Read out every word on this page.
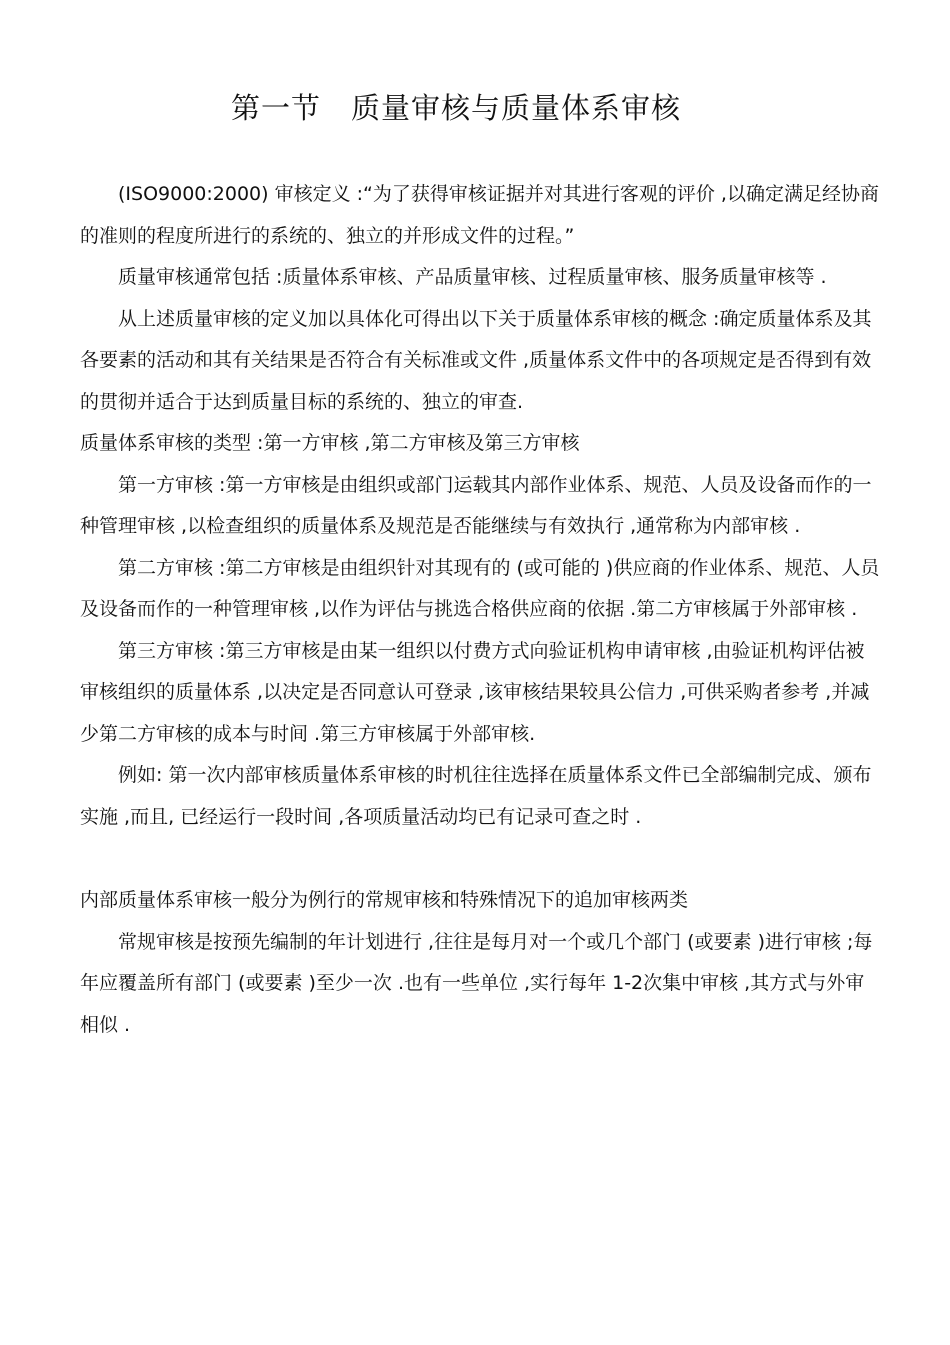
第一节　质量审核与质量体系审核

(ISO9000:2000) 审核定义 :“为了获得审核证据并对其进行客观的评价 ,以确定满足经协商的准则的程度所进行的系统的、独立的并形成文件的过程。”

质量审核通常包括 :质量体系审核、产品质量审核、过程质量审核、服务质量审核等 .

从上述质量审核的定义加以具体化可得出以下关于质量体系审核的概念 :确定质量体系及其各要素的活动和其有关结果是否符合有关标准或文件 ,质量体系文件中的各项规定是否得到有效的贯彻并适合于达到质量目标的系统的、独立的审查.

质量体系审核的类型 :第一方审核 ,第二方审核及第三方审核

第一方审核 :第一方审核是由组织或部门运载其内部作业体系、规范、人员及设备而作的一种管理审核 ,以检查组织的质量体系及规范是否能继续与有效执行 ,通常称为内部审核 .

第二方审核 :第二方审核是由组织针对其现有的 (或可能的 )供应商的作业体系、规范、人员及设备而作的一种管理审核 ,以作为评估与挑选合格供应商的依据 .第二方审核属于外部审核 .

第三方审核 :第三方审核是由某一组织以付费方式向验证机构申请审核 ,由验证机构评估被审核组织的质量体系 ,以决定是否同意认可登录 ,该审核结果较具公信力 ,可供采购者参考 ,并减少第二方审核的成本与时间 .第三方审核属于外部审核.

例如: 第一次内部审核质量体系审核的时机往往选择在质量体系文件已全部编制完成、颁布实施 ,而且, 已经运行一段时间 ,各项质量活动均已有记录可查之时 .

内部质量体系审核一般分为例行的常规审核和特殊情况下的追加审核两类

常规审核是按预先编制的年计划进行 ,往往是每月对一个或几个部门 (或要素 )进行审核 ;每年应覆盖所有部门 (或要素 )至少一次 .也有一些单位 ,实行每年 1-2次集中审核 ,其方式与外审相似 .
